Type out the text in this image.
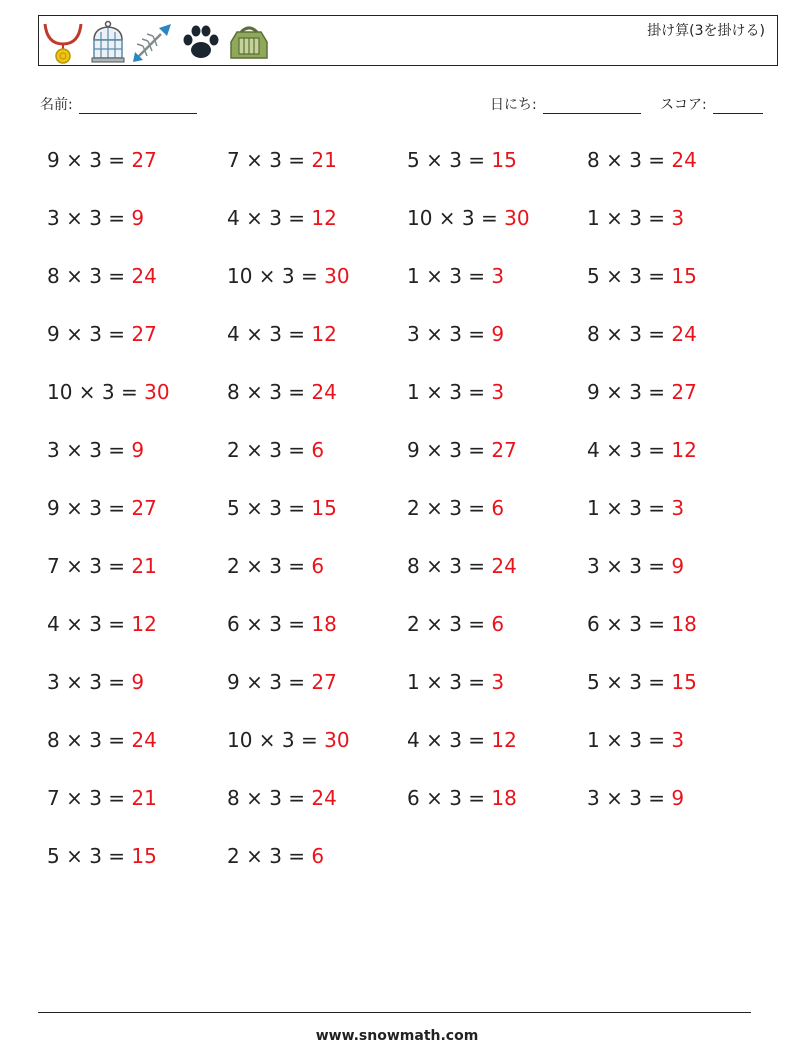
掛け算(3を掛ける)
名前:	日にち:	スコア:
9 × 3 = 27	7 × 3 = 21	5 × 3 = 15	8 × 3 = 24
3 × 3 = 9	4 × 3 = 12	10 × 3 = 30	1 × 3 = 3
8 × 3 = 24	10 × 3 = 30	1 × 3 = 3	5 × 3 = 15
9 × 3 = 27	4 × 3 = 12	3 × 3 = 9	8 × 3 = 24
10 × 3 = 30	8 × 3 = 24	1 × 3 = 3	9 × 3 = 27
3 × 3 = 9	2 × 3 = 6	9 × 3 = 27	4 × 3 = 12
9 × 3 = 27	5 × 3 = 15	2 × 3 = 6	1 × 3 = 3
7 × 3 = 21	2 × 3 = 6	8 × 3 = 24	3 × 3 = 9
4 × 3 = 12	6 × 3 = 18	2 × 3 = 6	6 × 3 = 18
3 × 3 = 9	9 × 3 = 27	1 × 3 = 3	5 × 3 = 15
8 × 3 = 24	10 × 3 = 30	4 × 3 = 12	1 × 3 = 3
7 × 3 = 21	8 × 3 = 24	6 × 3 = 18	3 × 3 = 9
5 × 3 = 15	2 × 3 = 6
www.snowmath.com
